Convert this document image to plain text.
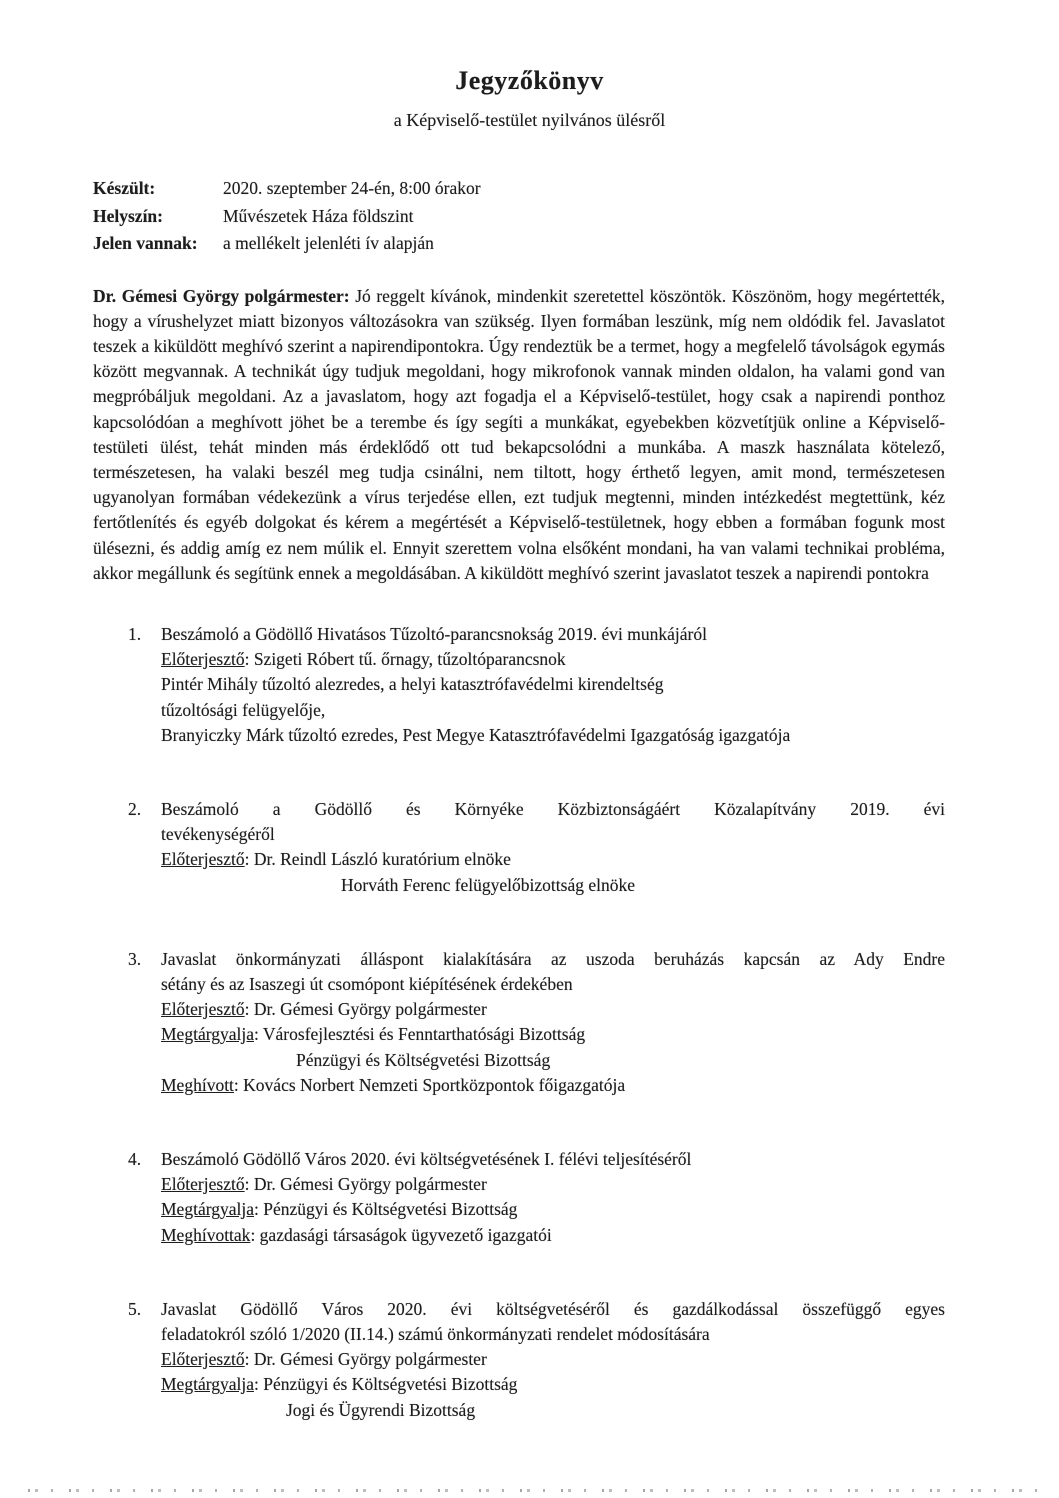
Jegyzőkönyv
a Képviselő-testület nyilvános ülésről
Készült:	2020. szeptember 24-én, 8:00 órakor
Helyszín:	Művészetek Háza földszint
Jelen vannak:	a mellékelt jelenléti ív alapján

Dr. Gémesi György polgármester: Jó reggelt kívánok, mindenkit szeretettel köszöntök. Köszönöm, hogy megértették, hogy a vírushelyzet miatt bizonyos változásokra van szükség. Ilyen formában leszünk, míg nem oldódik fel. Javaslatot teszek a kiküldött meghívó szerint a napirendipontokra. Úgy rendeztük be a termet, hogy a megfelelő távolságok egymás között megvannak. A technikát úgy tudjuk megoldani, hogy mikrofonok vannak minden oldalon, ha valami gond van megpróbáljuk megoldani. Az a javaslatom, hogy azt fogadja el a Képviselő-testület, hogy csak a napirendi ponthoz kapcsolódóan a meghívott jöhet be a terembe és így segíti a munkákat, egyebekben közvetítjük online a Képviselő-testületi ülést, tehát minden más érdeklődő ott tud bekapcsolódni a munkába. A maszk használata kötelező, természetesen, ha valaki beszél meg tudja csinálni, nem tiltott, hogy érthető legyen, amit mond, természetesen ugyanolyan formában védekezünk a vírus terjedése ellen, ezt tudjuk megtenni, minden intézkedést megtettünk, kéz fertőtlenítés és egyéb dolgokat és kérem a megértését a Képviselő-testületnek, hogy ebben a formában fogunk most ülésezni, és addig amíg ez nem múlik el. Ennyit szerettem volna elsőként mondani, ha van valami technikai probléma, akkor megállunk és segítünk ennek a megoldásában. A kiküldött meghívó szerint javaslatot teszek a napirendi pontokra

1.	Beszámoló a Gödöllő Hivatásos Tűzoltó-parancsnokság 2019. évi munkájáról
Előterjesztő: Szigeti Róbert tű. őrnagy, tűzoltóparancsnok
Pintér Mihály tűzoltó alezredes, a helyi katasztrófavédelmi kirendeltség
tűzoltósági felügyelője,
Branyiczky Márk tűzoltó ezredes, Pest Megye Katasztrófavédelmi Igazgatóság igazgatója
2.	Beszámoló a Gödöllő és Környéke Közbiztonságáért Közalapítvány 2019. évi
tevékenységéről
Előterjesztő: Dr. Reindl László kuratórium elnöke
Horváth Ferenc felügyelőbizottság elnöke
3.	Javaslat önkormányzati álláspont kialakítására az uszoda beruházás kapcsán az Ady Endre
sétány és az Isaszegi út csomópont kiépítésének érdekében
Előterjesztő: Dr. Gémesi György polgármester
Megtárgyalja: Városfejlesztési és Fenntarthatósági Bizottság
Pénzügyi és Költségvetési Bizottság
Meghívott: Kovács Norbert Nemzeti Sportközpontok főigazgatója
4.	Beszámoló Gödöllő Város 2020. évi költségvetésének I. félévi teljesítéséről
Előterjesztő: Dr. Gémesi György polgármester
Megtárgyalja: Pénzügyi és Költségvetési Bizottság
Meghívottak: gazdasági társaságok ügyvezető igazgatói
5.	Javaslat Gödöllő Város 2020. évi költségvetéséről és gazdálkodással összefüggő egyes
feladatokról szóló 1/2020 (II.14.) számú önkormányzati rendelet módosítására
Előterjesztő: Dr. Gémesi György polgármester
Megtárgyalja: Pénzügyi és Költségvetési Bizottság
Jogi és Ügyrendi Bizottság
